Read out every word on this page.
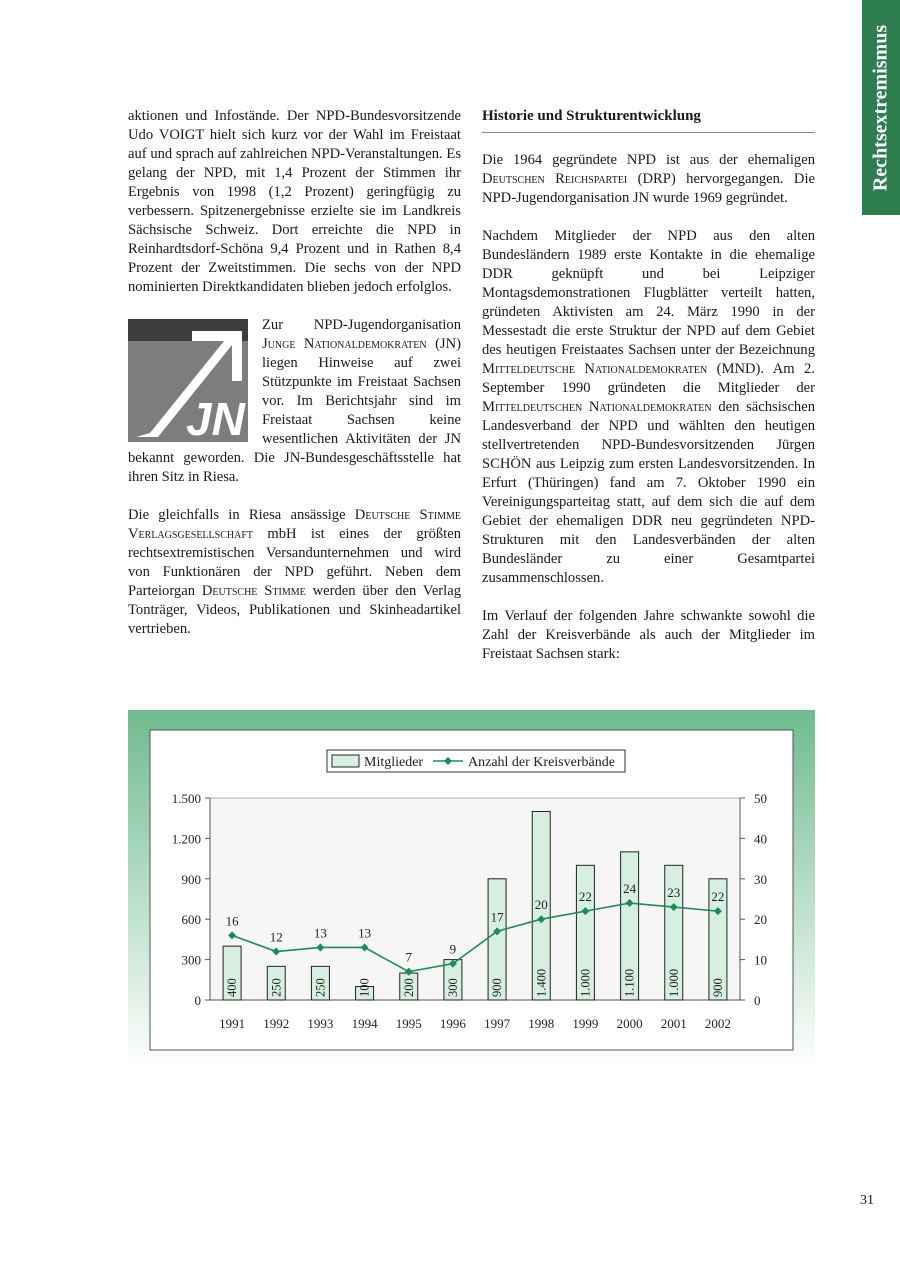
Rechtsextremismus

aktionen und Infostände. Der NPD-Bundesvorsitzende Udo VOIGT hielt sich kurz vor der Wahl im Freistaat auf und sprach auf zahlreichen NPD-Veranstaltungen. Es gelang der NPD, mit 1,4 Prozent der Stimmen ihr Ergebnis von 1998 (1,2 Prozent) geringfügig zu verbessern. Spitzenergebnisse erzielte sie im Landkreis Sächsische Schweiz. Dort erreichte die NPD in Reinhardtsdorf-Schöna 9,4 Prozent und in Rathen 8,4 Prozent der Zweitstimmen. Die sechs von der NPD nominierten Direktkandidaten blieben jedoch erfolglos.

JN
Zur NPD-Jugendorganisation Junge Nationaldemokraten (JN) liegen Hinweise auf zwei Stützpunkte im Freistaat Sachsen vor. Im Berichtsjahr sind im Freistaat Sachsen keine wesentlichen Aktivitäten der JN bekannt geworden. Die JN-Bundesgeschäftsstelle hat ihren Sitz in Riesa.

Die gleichfalls in Riesa ansässige Deutsche Stimme Verlagsgesellschaft mbH ist eines der größten rechtsextremistischen Versandunternehmen und wird von Funktionären der NPD geführt. Neben dem Parteiorgan Deutsche Stimme werden über den Verlag Tonträger, Videos, Publikationen und Skinheadartikel vertrieben.

Historie und Strukturentwicklung

Die 1964 gegründete NPD ist aus der ehemaligen Deutschen Reichspartei (DRP) hervorgegangen. Die NPD-Jugendorganisation JN wurde 1969 gegründet.

Nachdem Mitglieder der NPD aus den alten Bundesländern 1989 erste Kontakte in die ehemalige DDR geknüpft und bei Leipziger Montagsdemonstrationen Flugblätter verteilt hatten, gründeten Aktivisten am 24. März 1990 in der Messestadt die erste Struktur der NPD auf dem Gebiet des heutigen Freistaates Sachsen unter der Bezeichnung Mitteldeutsche Nationaldemokraten (MND). Am 2. September 1990 gründeten die Mitglieder der Mitteldeutschen Nationaldemokraten den sächsischen Landesverband der NPD und wählten den heutigen stellvertretenden NPD-Bundesvorsitzenden Jürgen SCHÖN aus Leipzig zum ersten Landesvorsitzenden. In Erfurt (Thüringen) fand am 7. Oktober 1990 ein Vereinigungsparteitag statt, auf dem sich die auf dem Gebiet der ehemaligen DDR neu gegründeten NPD-Strukturen mit den Landesverbänden der alten Bundesländer zu einer Gesamtpartei zusammenschlossen.

Im Verlauf der folgenden Jahre schwankte sowohl die Zahl der Kreisverbände als auch der Mitglieder im Freistaat Sachsen stark:

0
300
600
900
1.200
1.500
0
10
20
30
40
50
400 250 250 100 200 300 900 1.400 1.000 1.100 1.000 900
16
12 13 13
7
9
17
20
22
24 23 22
1991 1992 1993 1994 1995 1996 1997 1998 1999 2000 2001 2002
Mitglieder	Anzahl der Kreisverbände
31
